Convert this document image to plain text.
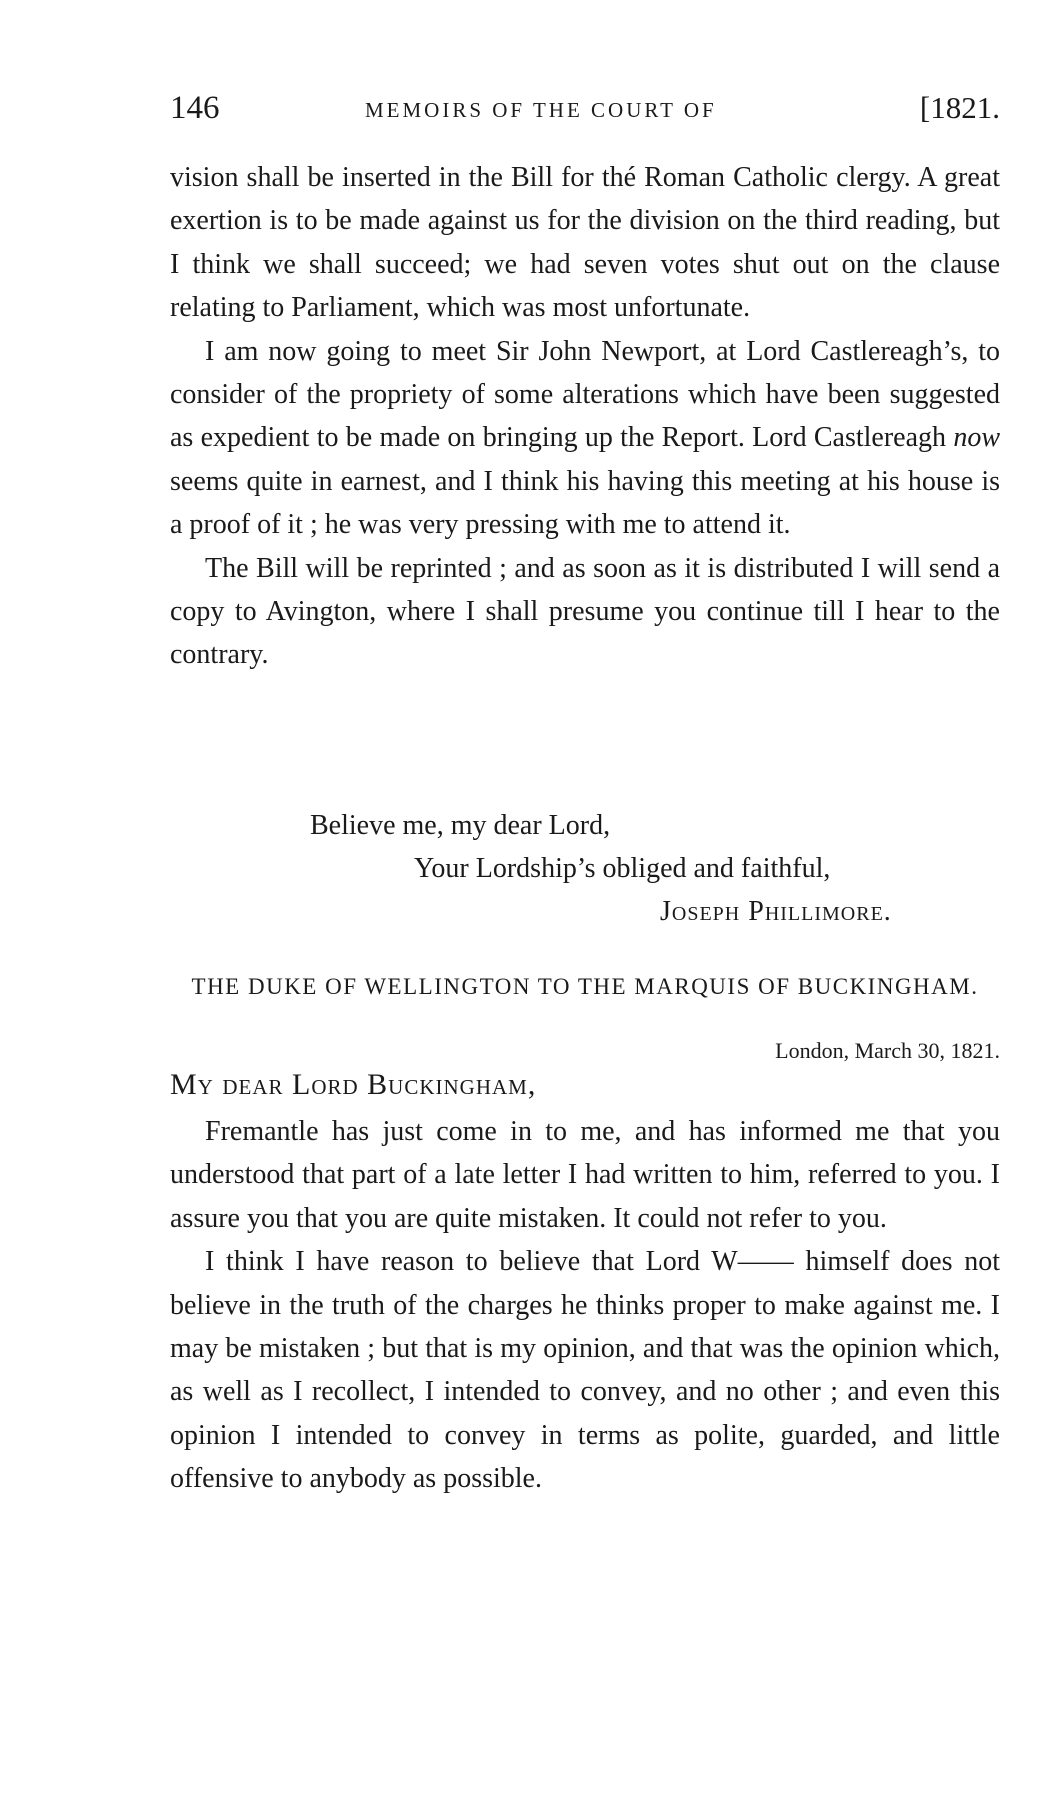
146	MEMOIRS OF THE COURT OF	[1821.

vision shall be inserted in the Bill for thé Roman Catholic clergy. A great exertion is to be made against us for the division on the third reading, but I think we shall succeed; we had seven votes shut out on the clause relating to Parliament, which was most unfortunate.

I am now going to meet Sir John Newport, at Lord Castlereagh’s, to consider of the propriety of some alterations which have been suggested as expedient to be made on bringing up the Report. Lord Castlereagh now seems quite in earnest, and I think his having this meeting at his house is a proof of it ; he was very pressing with me to attend it.

The Bill will be reprinted ; and as soon as it is distributed I will send a copy to Avington, where I shall presume you continue till I hear to the contrary.

Believe me, my dear Lord,
Your Lordship’s obliged and faithful,
Joseph Phillimore.
THE DUKE OF WELLINGTON TO THE MARQUIS OF BUCKINGHAM.
London, March 30, 1821.
My dear Lord Buckingham,

Fremantle has just come in to me, and has informed me that you understood that part of a late letter I had written to him, referred to you. I assure you that you are quite mistaken. It could not refer to you.

I think I have reason to believe that Lord W—— himself does not believe in the truth of the charges he thinks proper to make against me. I may be mistaken ; but that is my opinion, and that was the opinion which, as well as I recollect, I intended to convey, and no other ; and even this opinion I intended to convey in terms as polite, guarded, and little offensive to anybody as possible.
